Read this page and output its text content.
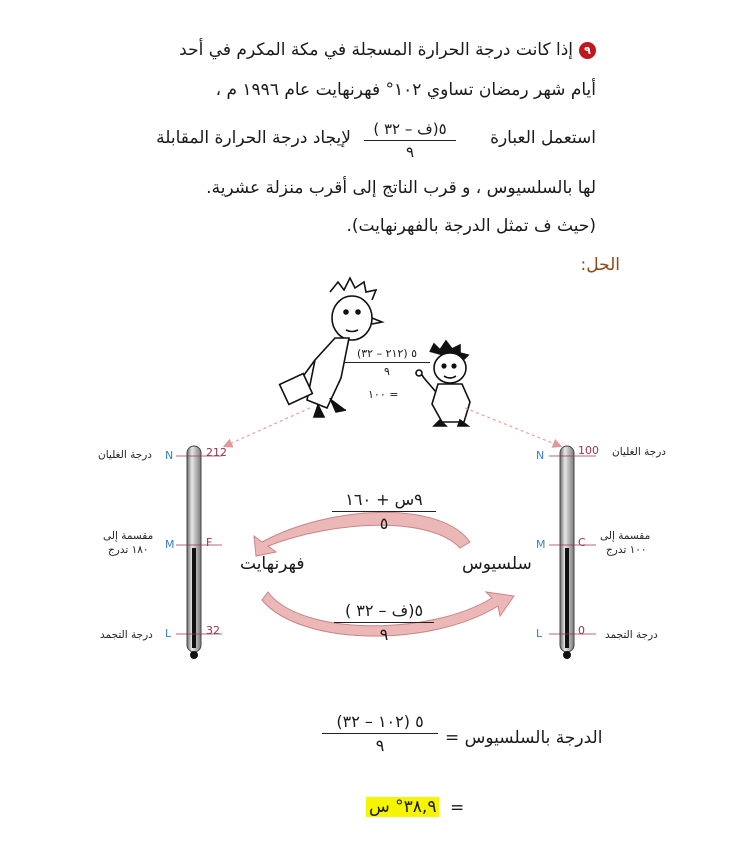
٩إذا كانت درجة الحرارة المسجلة في مكة المكرم في أحد
أيام شهر رمضان تساوي ١٠٢° فهرنهايت عام ١٩٩٦ م ،
استعمل العبارة
٥(ف – ٣٢ )
٩
لإيجاد درجة الحرارة المقابلة
لها بالسلسيوس ، و قرب الناتج إلى أقرب منزلة عشرية.
(حيث ف تمثل الدرجة بالفهرنهايت).
الحل:
٥ (٢١٢ – ٣٢)
٩
= ١٠٠
درجة الغليان
مقسمة إلى
١٨٠ تدرج
درجة التجمد
N
M
L
212
F
32
N
M
L
100
C
0
درجة الغليان
مقسمة إلى
١٠٠ تدرج
درجة التجمد
٩س + ١٦٠
٥
٥(ف – ٣٢ )
٩
فهرنهايت	سلسيوس
الدرجة بالسلسيوس =
٥ (١٠٢ – ٣٢)
٩
=
٣٨,٩° س
